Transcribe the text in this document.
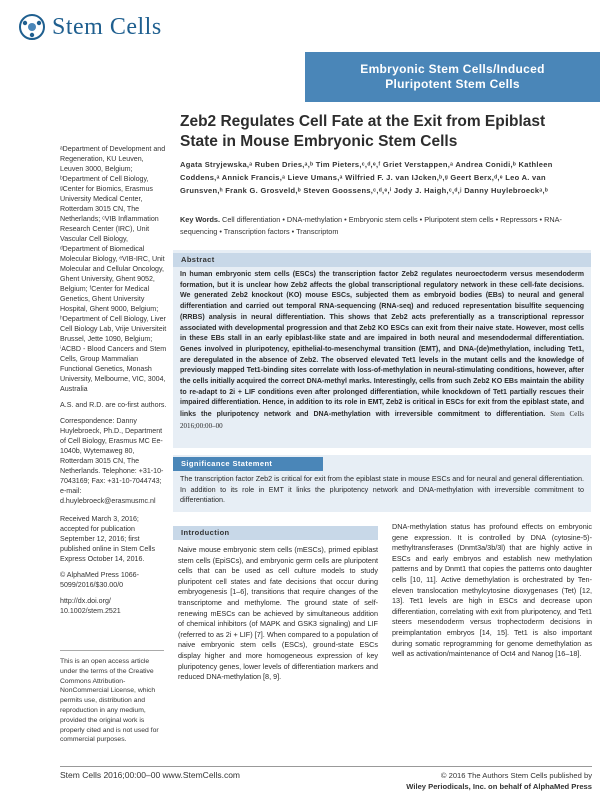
Stem Cells
Embryonic Stem Cells/Induced
Pluripotent Stem Cells
Zeb2 Regulates Cell Fate at the Exit from Epiblast State in Mouse Embryonic Stem Cells
Agata Stryjewska,ᵃ Ruben Dries,ᵃ,ᵇ Tim Pieters,ᶜ,ᵈ,ᵉ,ᶠ Griet Verstappen,ᵃ Andrea Conidi,ᵇ Kathleen Coddens,ᵃ Annick Francis,ᵃ Lieve Umans,ᵃ Wilfried F. J. van IJcken,ᵇ,ᵍ Geert Berx,ᵈ,ᵉ Leo A. van Grunsven,ʰ Frank G. Grosveld,ᵇ Steven Goossens,ᶜ,ᵈ,ᵉ,ⁱ Jody J. Haigh,ᶜ,ᵈ,ʲ Danny Huylebroeckᵃ,ᵇ
Key Words. Cell differentiation • DNA-methylation • Embryonic stem cells • Pluripotent stem cells • Repressors • RNA-sequencing • Transcription factors • Transcriptom

ᵃDepartment of Development and Regeneration, KU Leuven, Leuven 3000, Belgium; ᵇDepartment of Cell Biology, ᵍCenter for Biomics, Erasmus University Medical Center, Rotterdam 3015 CN, The Netherlands; ᶜVIB Inflammation Research Center (IRC), Unit Vascular Cell Biology, ᵈDepartment of Biomedical Molecular Biology, ᵉVIB-IRC, Unit Molecular and Cellular Oncology, Ghent University, Ghent 9052, Belgium; ᶠCenter for Medical Genetics, Ghent University Hospital, Ghent 9000, Belgium; ʰDepartment of Cell Biology, Liver Cell Biology Lab, Vrije Universiteit Brussel, Jette 1090, Belgium; ⁱACBD - Blood Cancers and Stem Cells, Group Mammalian Functional Genetics, Monash University, Melbourne, VIC, 3004, Australia

A.S. and R.D. are co-first authors.

Correspondence: Danny Huylebroeck, Ph.D., Department of Cell Biology, Erasmus MC Ee-1040b, Wytemaweg 80, Rotterdam 3015 CN, The Netherlands. Telephone: +31-10-7043169; Fax: +31-10-7044743; e-mail: d.huylebroeck@erasmusmc.nl

Received March 3, 2016; accepted for publication September 12, 2016; first published online in Stem Cells Express October 14, 2016.

© AlphaMed Press 1066-5099/2016/$30.00/0

http://dx.doi.org/ 10.1002/stem.2521

This is an open access article under the terms of the Creative Commons Attribution-NonCommercial License, which permits use, distribution and reproduction in any medium, provided the original work is properly cited and is not used for commercial purposes.
Abstract
In human embryonic stem cells (ESCs) the transcription factor Zeb2 regulates neuroectoderm versus mesendoderm formation, but it is unclear how Zeb2 affects the global transcriptional regulatory network in these cell-fate decisions. We generated Zeb2 knockout (KO) mouse ESCs, subjected them as embryoid bodies (EBs) to neural and general differentiation and carried out temporal RNA-sequencing (RNA-seq) and reduced representation bisulfite sequencing (RRBS) analysis in neural differentiation. This shows that Zeb2 acts preferentially as a transcriptional repressor associated with developmental progression and that Zeb2 KO ESCs can exit from their naive state. However, most cells in these EBs stall in an early epiblast-like state and are impaired in both neural and mesendodermal differentiation. Genes involved in pluripotency, epithelial-to-mesenchymal transition (EMT), and DNA-(de)methylation, including Tet1, are deregulated in the absence of Zeb2. The observed elevated Tet1 levels in the mutant cells and the knowledge of previously mapped Tet1-binding sites correlate with loss-of-methylation in neural-stimulating conditions, however, after the cells initially acquired the correct DNA-methyl marks. Interestingly, cells from such Zeb2 KO EBs maintain the ability to re-adapt to 2i + LIF conditions even after prolonged differentiation, while knockdown of Tet1 partially rescues their impaired differentiation. Hence, in addition to its role in EMT, Zeb2 is critical in ESCs for exit from the epiblast state, and links the pluripotency network and DNA-methylation with irreversible commitment to differentiation. Stem Cells 2016;00:00–00
Significance Statement
The transcription factor Zeb2 is critical for exit from the epiblast state in mouse ESCs and for neural and general differentiation. In addition to its role in EMT it links the pluripotency network and DNA-methylation with irreversible commitment to differentiation.
Introduction
Naive mouse embryonic stem cells (mESCs), primed epiblast stem cells (EpiSCs), and embryonic germ cells are pluripotent cells that can be used as cell culture models to study pluripotent cell states and fate decisions that occur during embryogenesis [1–6], transitions that require changes of the transcriptome and methylome. The ground state of self-renewing mESCs can be achieved by simultaneous addition of chemical inhibitors (of MAPK and GSK3 signaling) and LIF (referred to as 2i + LIF) [7]. When compared to a population of naive embryonic stem cells (ESCs), ground-state ESCs display higher and more homogeneous expression of key pluripotency genes, lower levels of differentiation markers and reduced DNA-methylation [8, 9].
DNA-methylation status has profound effects on embryonic gene expression. It is controlled by DNA (cytosine-5)-methyltransferases (Dnmt3a/3b/3l) that are highly active in ESCs and early embryos and establish new methylation patterns and by Dnmt1 that copies the patterns onto daughter cells [10, 11]. Active demethylation is orchestrated by Ten-eleven translocation methylcytosine dioxygenases (Tet) [12, 13]. Tet1 levels are high in ESCs and decrease upon differentiation, correlating with exit from pluripotency, and Tet1 steers mesendoderm versus trophectoderm decisions in preimplantation embryos [14, 15]. Tet1 is also important during somatic reprogramming for genome demethylation as well as activation/maintenance of Oct4 and Nanog [16–18].
Stem Cells 2016;00:00–00 www.StemCells.com	© 2016 The Authors Stem Cells published by
Wiley Periodicals, Inc. on behalf of AlphaMed Press
